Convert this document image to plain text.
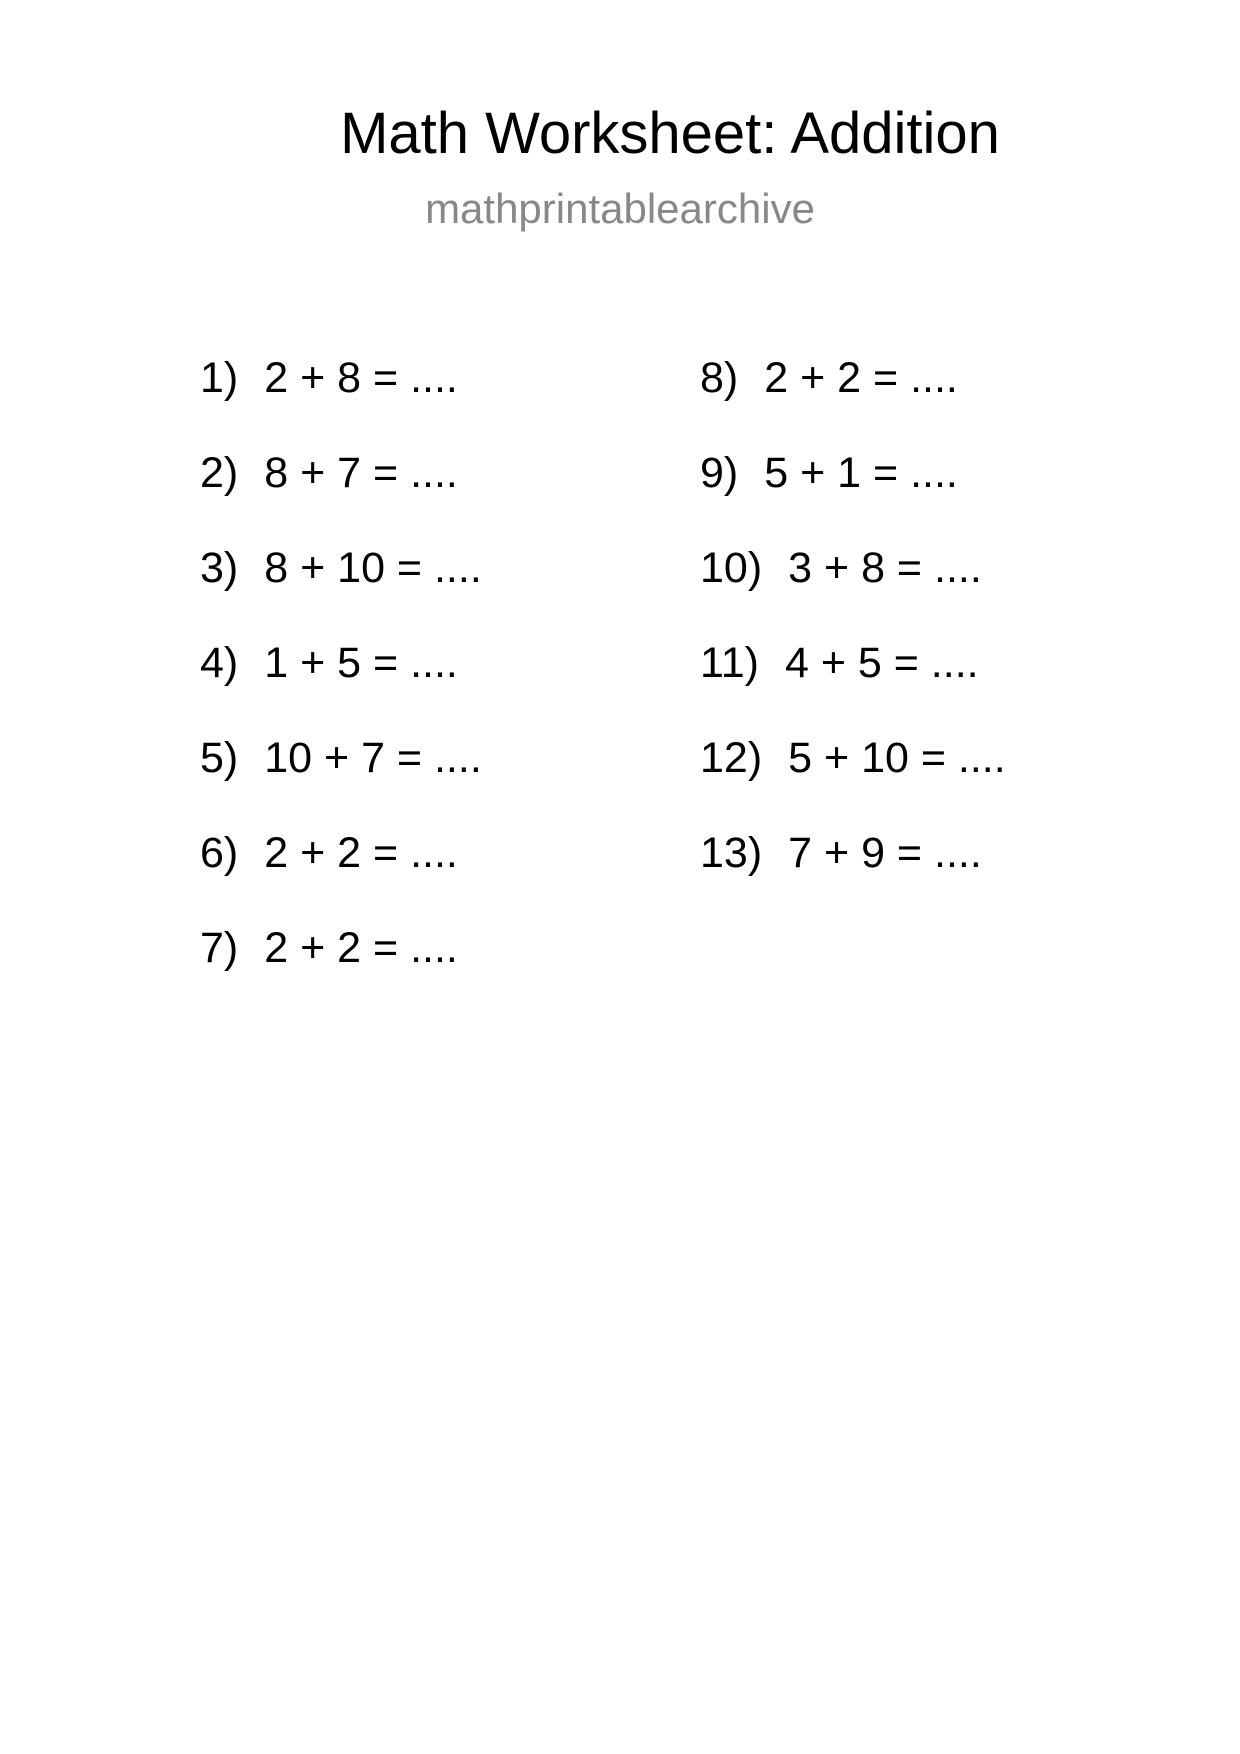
Math Worksheet: Addition
mathprintablearchive
1) 2 + 8 = ....
2) 8 + 7 = ....
3) 8 + 10 = ....
4) 1 + 5 = ....
5) 10 + 7 = ....
6) 2 + 2 = ....
7) 2 + 2 = ....
8) 2 + 2 = ....
9) 5 + 1 = ....
10) 3 + 8 = ....
11) 4 + 5 = ....
12) 5 + 10 = ....
13) 7 + 9 = ....
